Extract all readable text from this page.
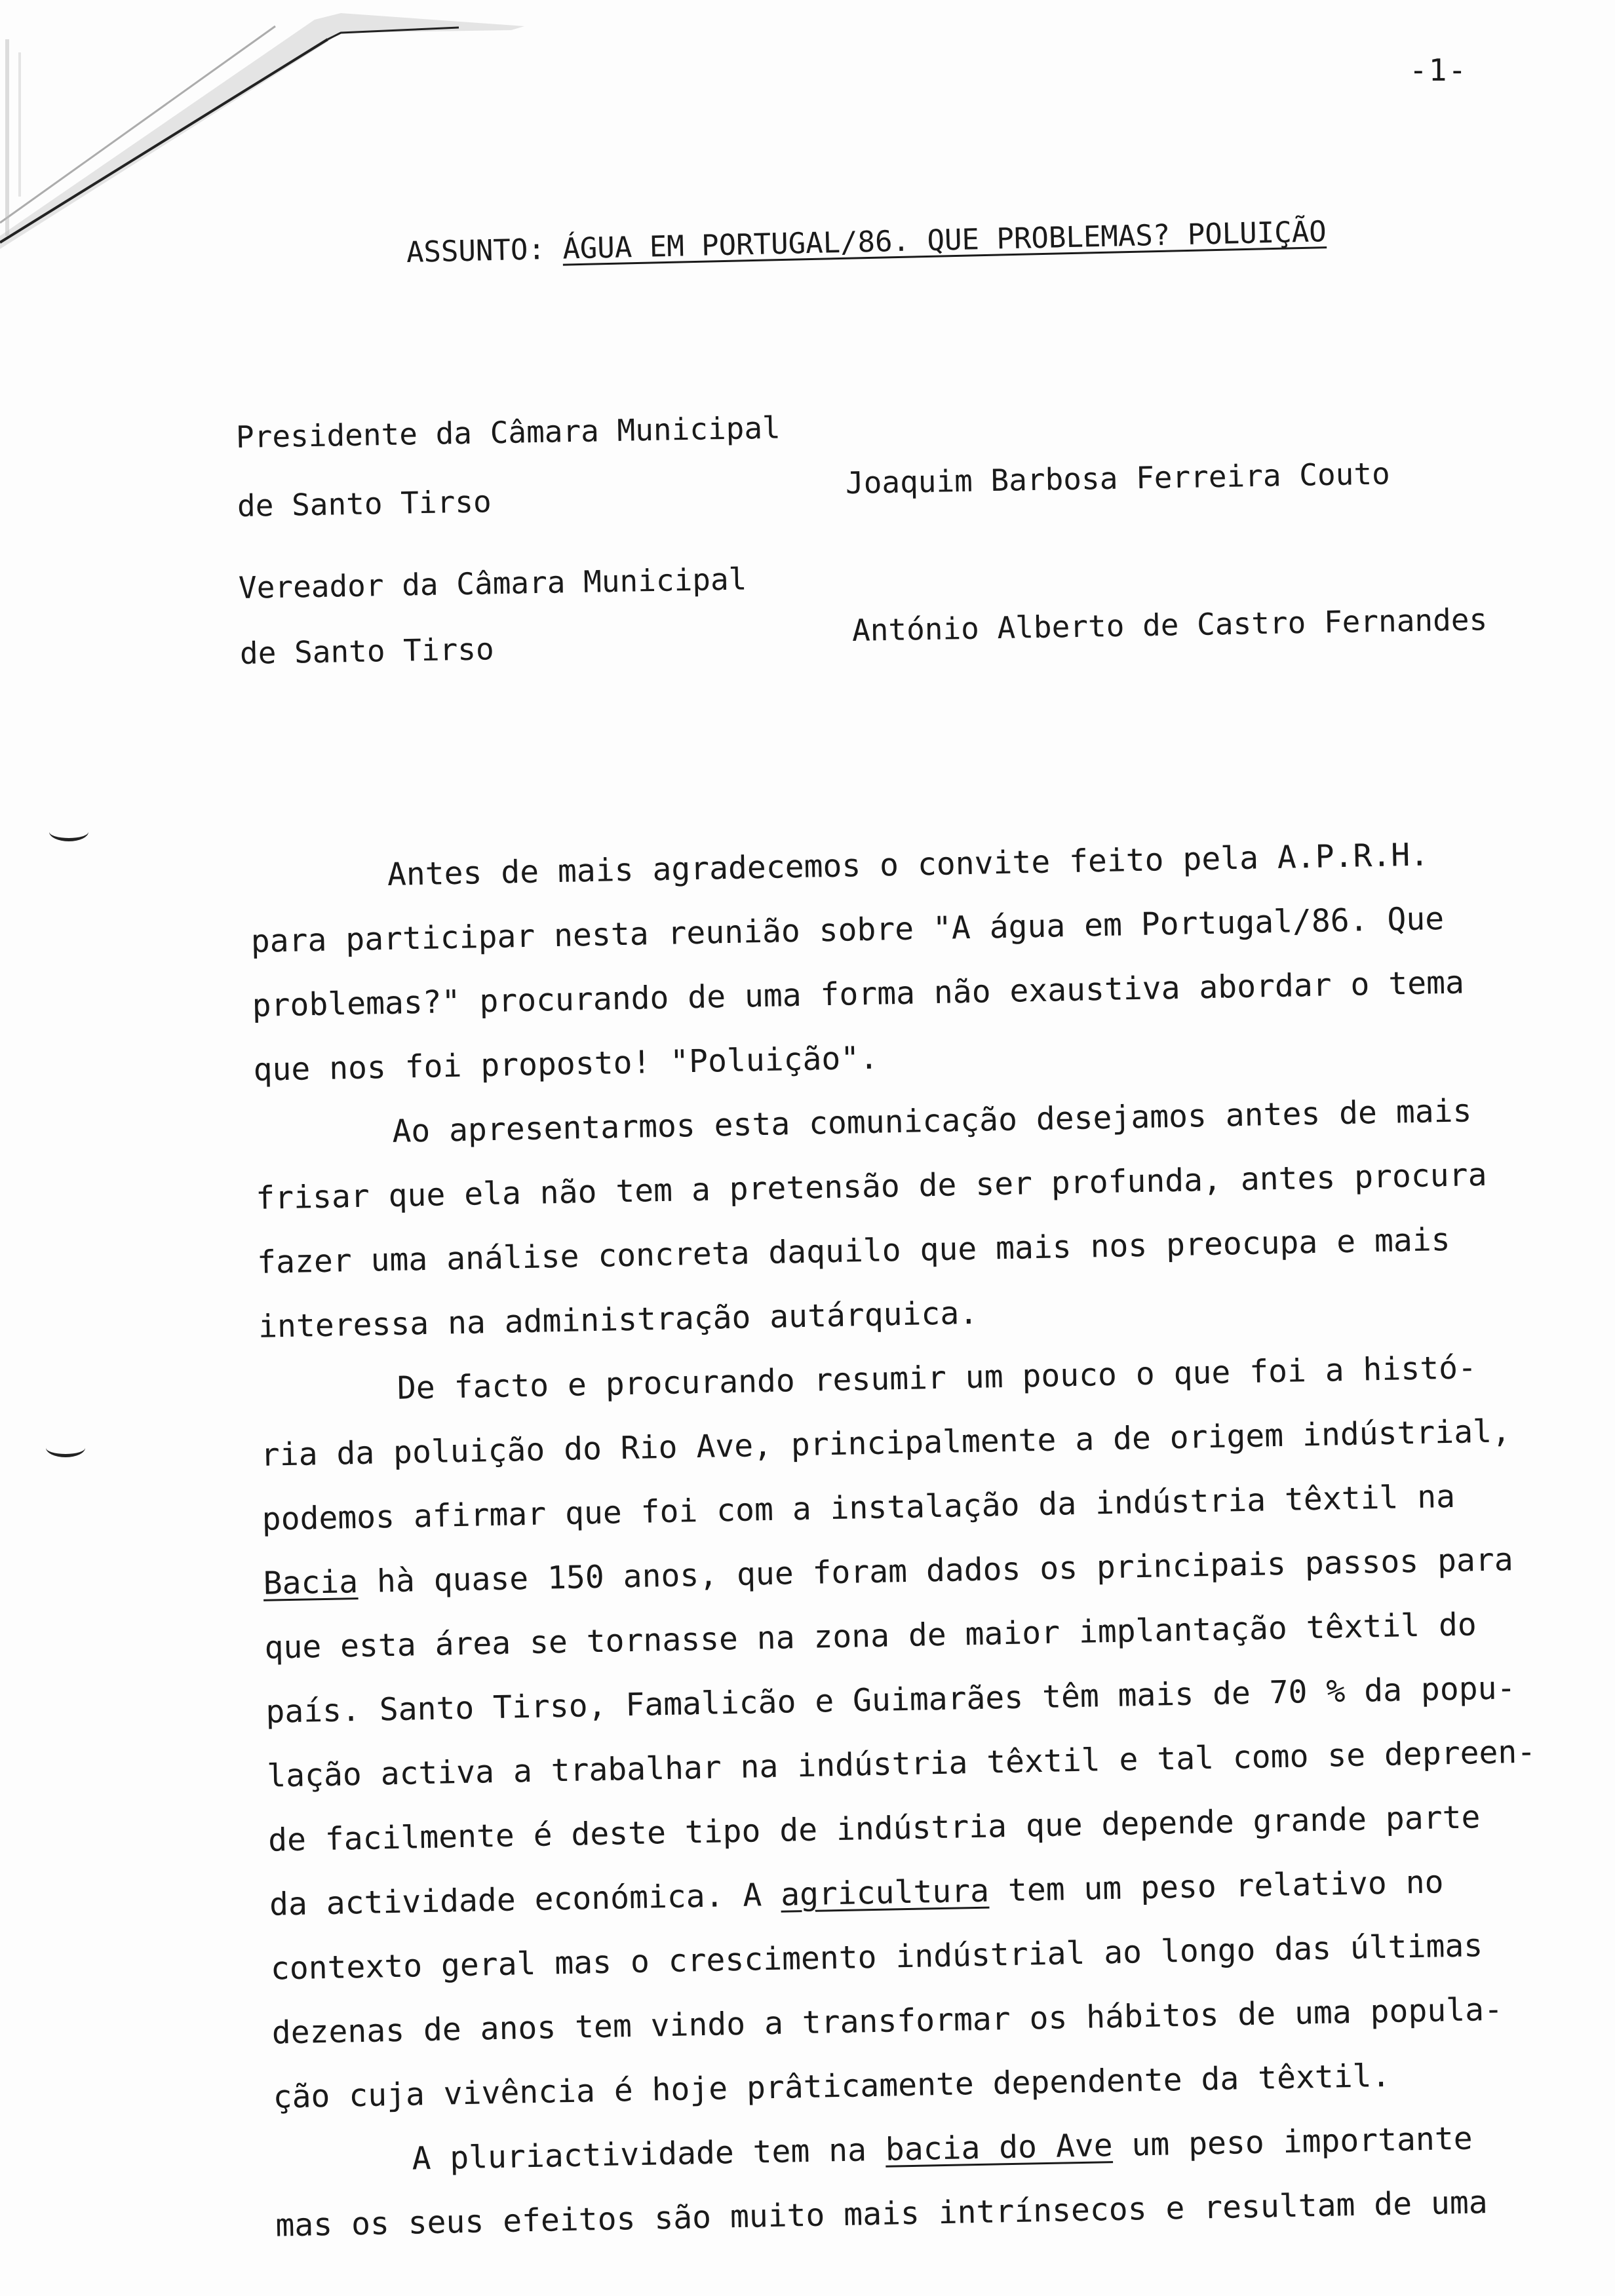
-1-
ASSUNTO: ÁGUA EM PORTUGAL/86. QUE PROBLEMAS? POLUIÇÃO
Presidente da Câmara Municipal
de Santo Tirso
Joaquim Barbosa Ferreira Couto
Vereador da Câmara Municipal
de Santo Tirso
António Alberto de Castro Fernandes
Antes de mais agradecemos o convite feito pela A.P.R.H.
para participar nesta reunião sobre "A água em Portugal/86. Que
problemas?" procurando de uma forma não exaustiva abordar o tema
que nos foi proposto! "Poluição".
Ao apresentarmos esta comunicação desejamos antes de mais
frisar que ela não tem a pretensão de ser profunda, antes procura
fazer uma análise concreta daquilo que mais nos preocupa e mais
interessa na administração autárquica.
De facto e procurando resumir um pouco o que foi a histó-
ria da poluição do Rio Ave, principalmente a de origem indústrial,
podemos afirmar que foi com a instalação da indústria têxtil na
Bacia hà quase 150 anos, que foram dados os principais passos para
que esta área se tornasse na zona de maior implantação têxtil do
país. Santo Tirso, Famalicão e Guimarães têm mais de 70 % da popu-
lação activa a trabalhar na indústria têxtil e tal como se depreen-
de facilmente é deste tipo de indústria que depende grande parte
da actividade económica. A agricultura tem um peso relativo no
contexto geral mas o crescimento indústrial ao longo das últimas
dezenas de anos tem vindo a transformar os hábitos de uma popula-
ção cuja vivência é hoje prâticamente dependente da têxtil.
A pluriactividade tem na bacia do Ave um peso importante
mas os seus efeitos são muito mais intrínsecos e resultam de uma
